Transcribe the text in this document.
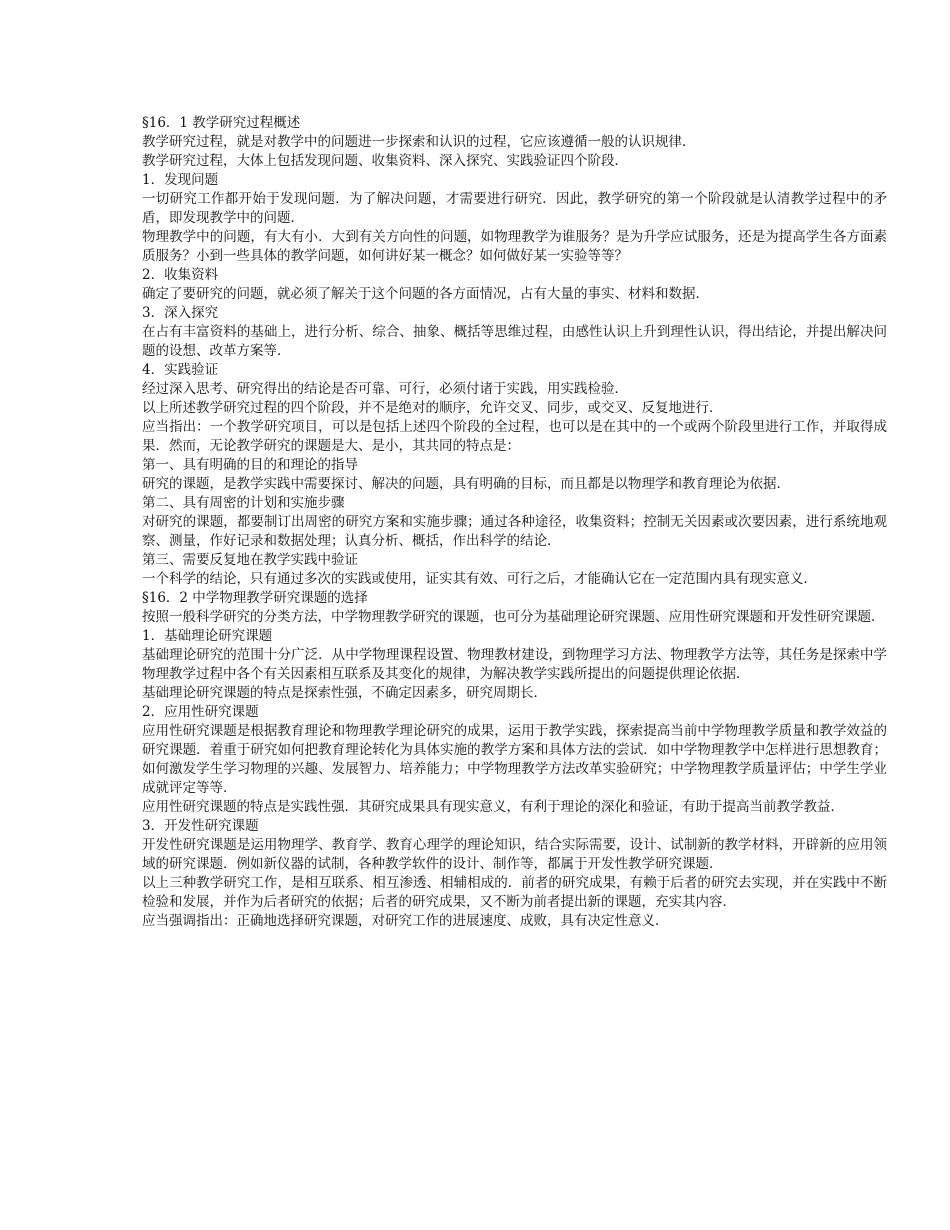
§16．1 教学研究过程概述

教学研究过程，就是对教学中的问题进一步探索和认识的过程，它应该遵循一般的认识规律．

教学研究过程，大体上包括发现问题、收集资料、深入探究、实践验证四个阶段．

1．发现问题

一切研究工作都开始于发现问题．为了解决问题，才需要进行研究．因此，教学研究的第一个阶段就是认清教学过程中的矛盾，即发现教学中的问题．

物理教学中的问题，有大有小．大到有关方向性的问题，如物理教学为谁服务？是为升学应试服务，还是为提高学生各方面素质服务？小到一些具体的教学问题，如何讲好某一概念？如何做好某一实验等等？

2．收集资料

确定了要研究的问题，就必须了解关于这个问题的各方面情况，占有大量的事实、材料和数据．

3．深入探究

在占有丰富资料的基础上，进行分析、综合、抽象、概括等思维过程，由感性认识上升到理性认识，得出结论，并提出解决问题的设想、改革方案等．

4．实践验证

经过深入思考、研究得出的结论是否可靠、可行，必须付诸于实践，用实践检验．

以上所述教学研究过程的四个阶段，并不是绝对的顺序，允许交叉、同步，或交叉、反复地进行．

应当指出：一个教学研究项目，可以是包括上述四个阶段的全过程，也可以是在其中的一个或两个阶段里进行工作，并取得成果．然而，无论教学研究的课题是大、是小，其共同的特点是：

第一、具有明确的目的和理论的指导

研究的课题，是教学实践中需要探讨、解决的问题，具有明确的目标，而且都是以物理学和教育理论为依据．

第二、具有周密的计划和实施步骤

对研究的课题，都要制订出周密的研究方案和实施步骤；通过各种途径，收集资料；控制无关因素或次要因素，进行系统地观察、测量，作好记录和数据处理；认真分析、概括，作出科学的结论．

第三、需要反复地在教学实践中验证

一个科学的结论，只有通过多次的实践或使用，证实其有效、可行之后，才能确认它在一定范围内具有现实意义．

§16．2 中学物理教学研究课题的选择

按照一般科学研究的分类方法，中学物理教学研究的课题，也可分为基础理论研究课题、应用性研究课题和开发性研究课题．

1．基础理论研究课题

基础理论研究的范围十分广泛．从中学物理课程设置、物理教材建设，到物理学习方法、物理教学方法等，其任务是探索中学物理教学过程中各个有关因素相互联系及其变化的规律，为解决教学实践所提出的问题提供理论依据．

基础理论研究课题的特点是探索性强，不确定因素多，研究周期长．

2．应用性研究课题

应用性研究课题是根据教育理论和物理教学理论研究的成果，运用于教学实践，探索提高当前中学物理教学质量和教学效益的研究课题．着重于研究如何把教育理论转化为具体实施的教学方案和具体方法的尝试．如中学物理教学中怎样进行思想教育；如何激发学生学习物理的兴趣、发展智力、培养能力；中学物理教学方法改革实验研究；中学物理教学质量评估；中学生学业成就评定等等．

应用性研究课题的特点是实践性强．其研究成果具有现实意义，有利于理论的深化和验证，有助于提高当前教学教益．

3．开发性研究课题

开发性研究课题是运用物理学、教育学、教育心理学的理论知识，结合实际需要，设计、试制新的教学材料，开辟新的应用领域的研究课题．例如新仪器的试制，各种教学软件的设计、制作等，都属于开发性教学研究课题．

以上三种教学研究工作，是相互联系、相互渗透、相辅相成的．前者的研究成果，有赖于后者的研究去实现，并在实践中不断检验和发展，并作为后者研究的依据；后者的研究成果，又不断为前者提出新的课题，充实其内容．

应当强调指出：正确地选择研究课题，对研究工作的进展速度、成败，具有决定性意义．
